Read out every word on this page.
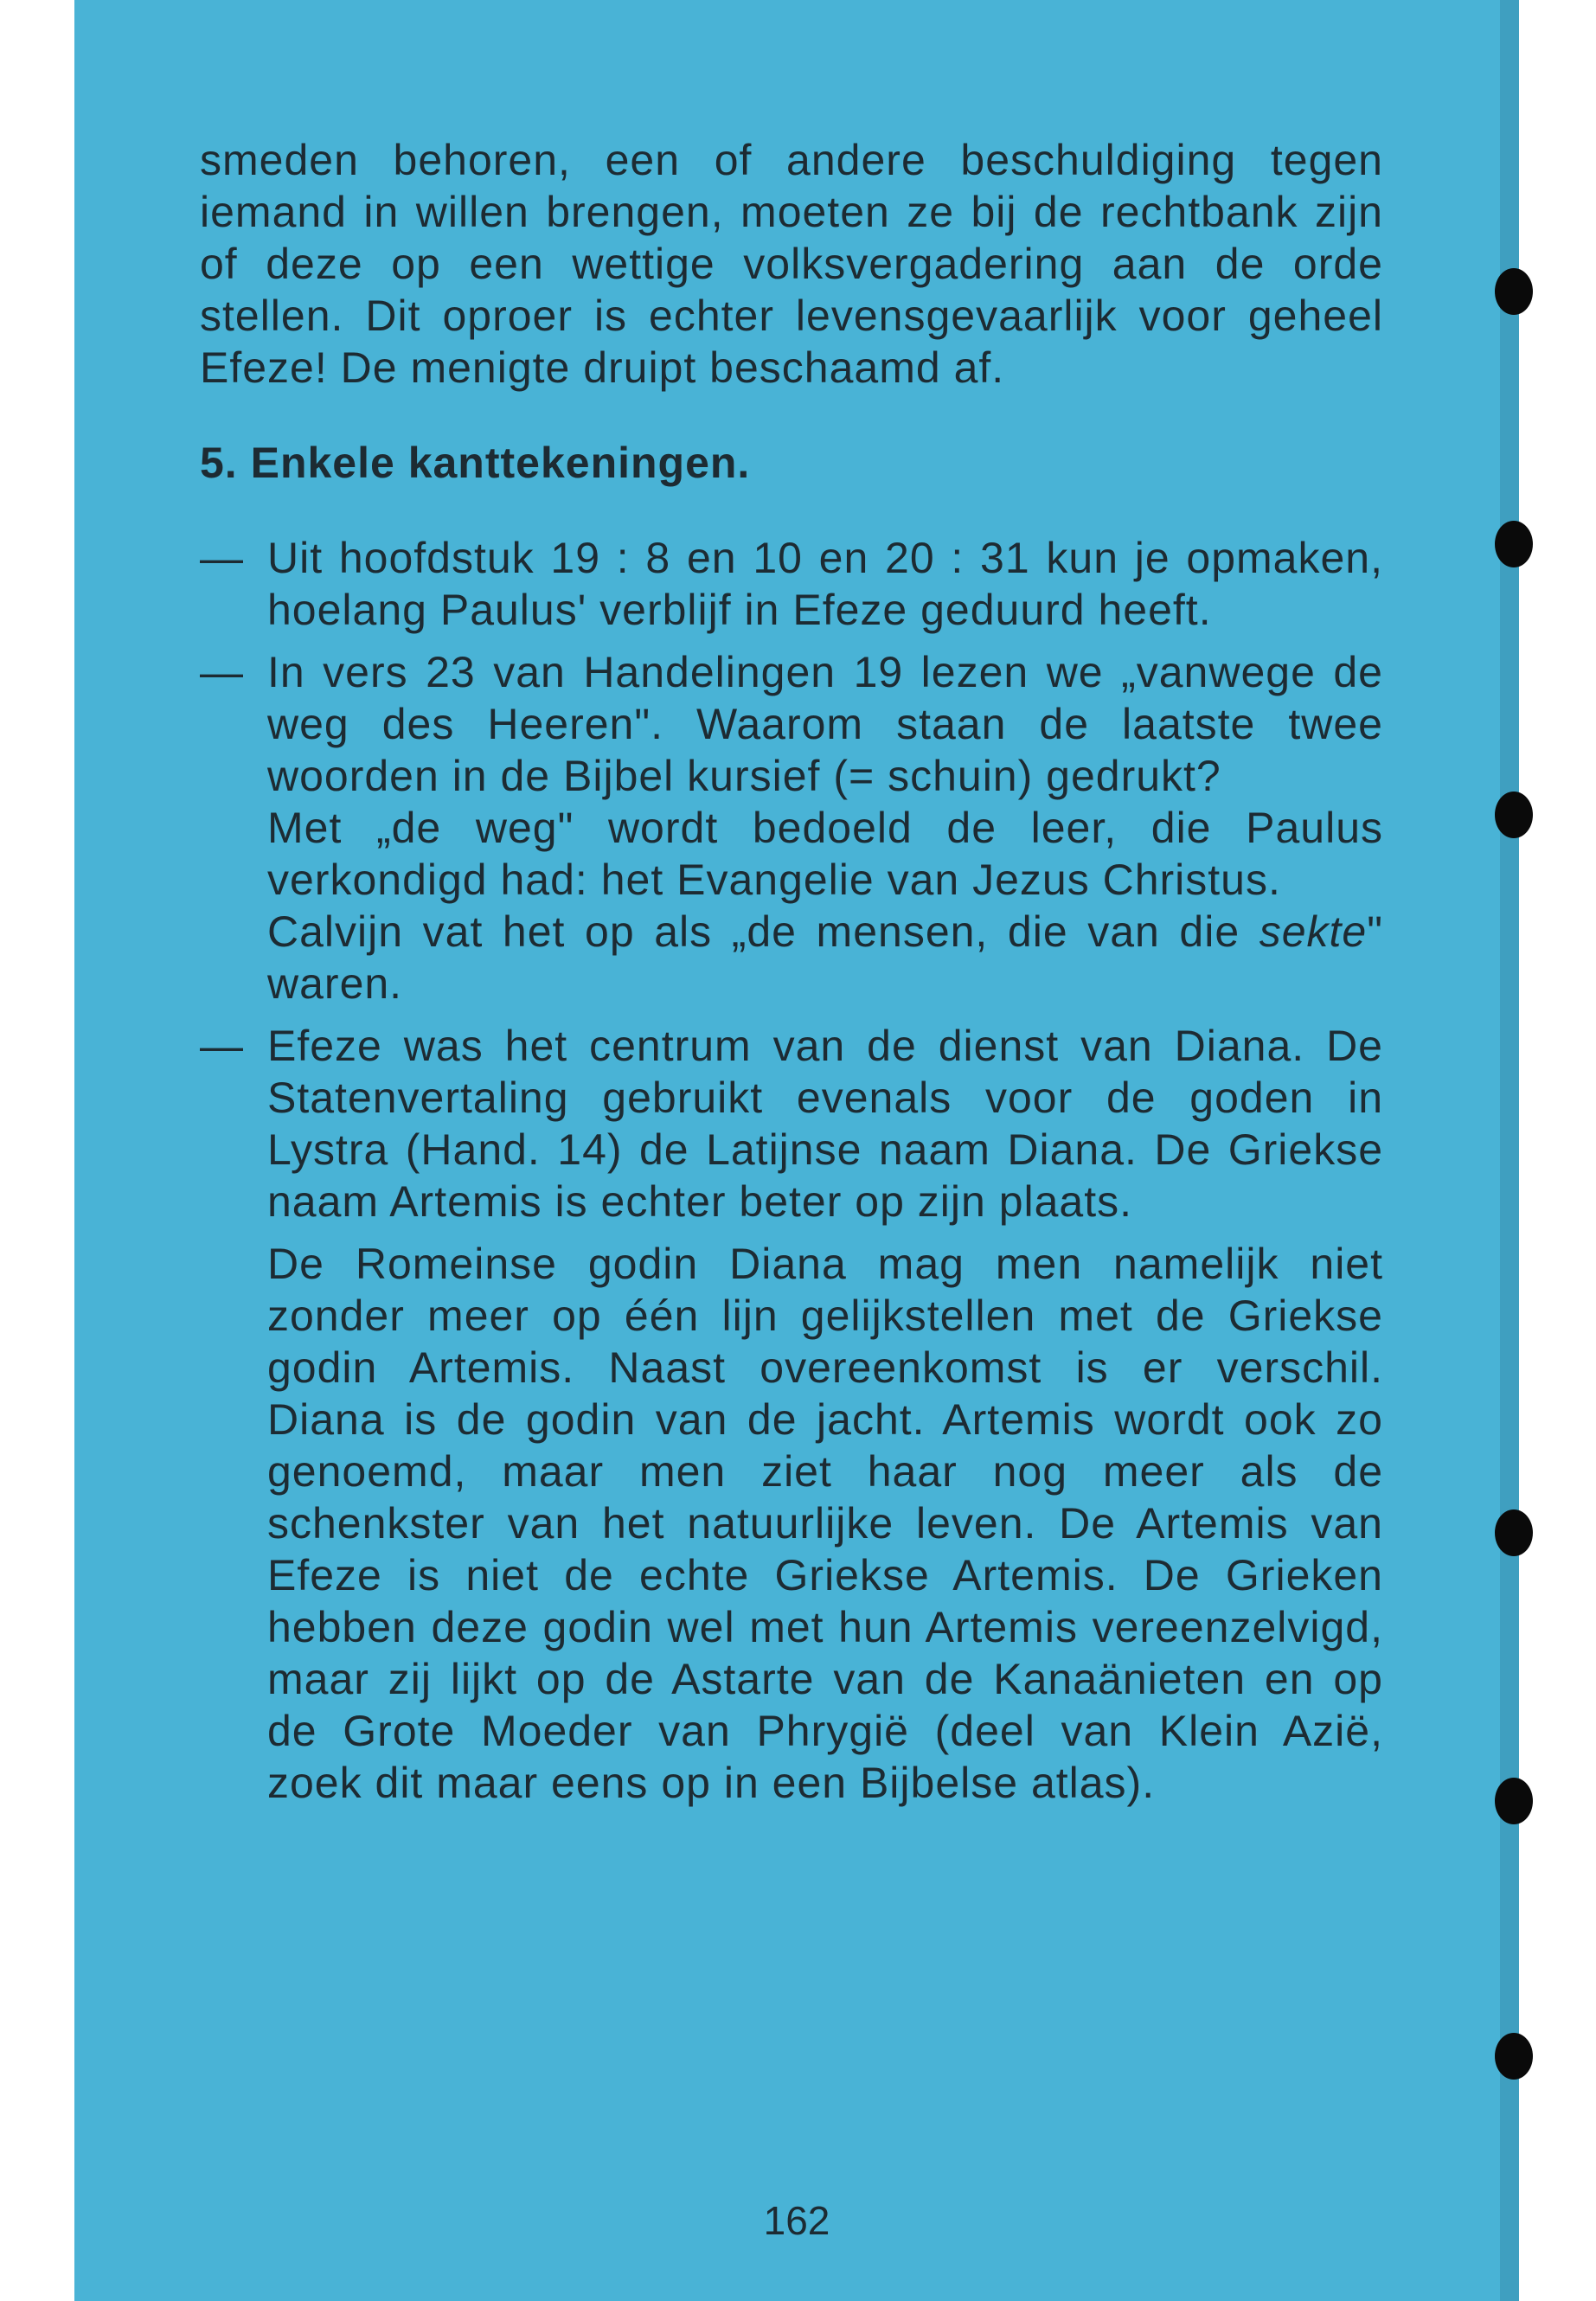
smeden behoren, een of andere beschuldiging tegen iemand in willen brengen, moeten ze bij de rechtbank zijn of deze op een wettige volksvergadering aan de orde stellen. Dit oproer is echter levensgevaarlijk voor geheel Efeze! De menigte druipt beschaamd af.

5. Enkele kanttekeningen.
— Uit hoofdstuk 19 : 8 en 10 en 20 : 31 kun je opmaken, hoelang Paulus' verblijf in Efeze geduurd heeft.

— In vers 23 van Handelingen 19 lezen we „vanwege de weg des Heeren". Waarom staan de laatste twee woorden in de Bijbel kursief (= schuin) gedrukt?

Met „de weg" wordt bedoeld de leer, die Paulus verkondigd had: het Evangelie van Jezus Christus.

Calvijn vat het op als „de mensen, die van die sekte" waren.

— Efeze was het centrum van de dienst van Diana. De Statenvertaling gebruikt evenals voor de goden in Lystra (Hand. 14) de Latijnse naam Diana. De Griekse naam Artemis is echter beter op zijn plaats.

De Romeinse godin Diana mag men namelijk niet zonder meer op één lijn gelijkstellen met de Griekse godin Artemis. Naast overeenkomst is er verschil. Diana is de godin van de jacht. Artemis wordt ook zo genoemd, maar men ziet haar nog meer als de schenkster van het natuurlijke leven. De Artemis van Efeze is niet de echte Griekse Artemis. De Grieken hebben deze godin wel met hun Artemis vereenzelvigd, maar zij lijkt op de Astarte van de Kanaänieten en op de Grote Moeder van Phrygië (deel van Klein Azië, zoek dit maar eens op in een Bijbelse atlas).

162
